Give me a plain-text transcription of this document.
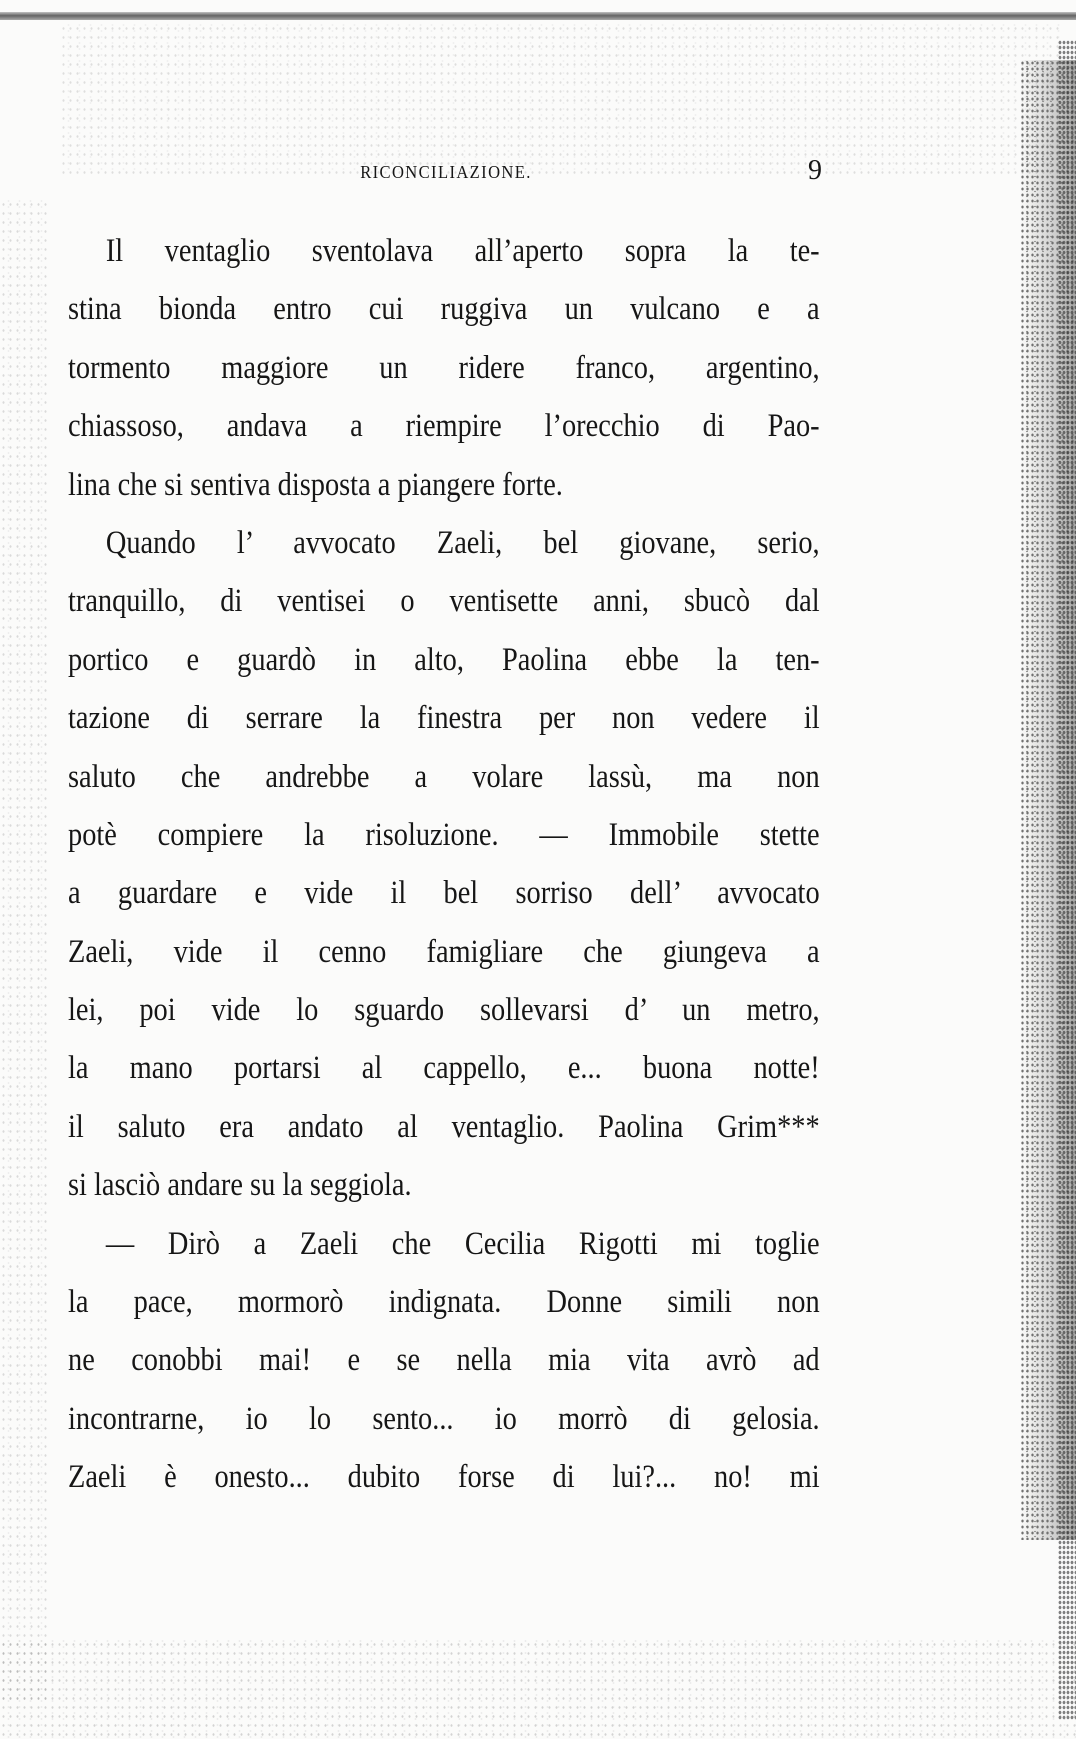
RICONCILIAZIONE.	9
Il ventaglio sventolava all’aperto sopra la te-
stina bionda entro cui ruggiva un vulcano e a
tormento maggiore un ridere franco, argentino,
chiassoso, andava a riempire l’orecchio di Pao-
lina che si sentiva disposta a piangere forte.
Quando l’ avvocato Zaeli, bel giovane, serio,
tranquillo, di ventisei o ventisette anni, sbucò dal
portico e guardò in alto, Paolina ebbe la ten-
tazione di serrare la finestra per non vedere il
saluto che andrebbe a volare lassù, ma non
potè compiere la risoluzione. — Immobile stette
a guardare e vide il bel sorriso dell’ avvocato
Zaeli, vide il cenno famigliare che giungeva a
lei, poi vide lo sguardo sollevarsi d’ un metro,
la mano portarsi al cappello, e... buona notte!
il saluto era andato al ventaglio. Paolina Grim***
si lasciò andare su la seggiola.
— Dirò a Zaeli che Cecilia Rigotti mi toglie
la pace, mormorò indignata. Donne simili non
ne conobbi mai! e se nella mia vita avrò ad
incontrarne, io lo sento... io morrò di gelosia.
Zaeli è onesto... dubito forse di lui?... no! mi
